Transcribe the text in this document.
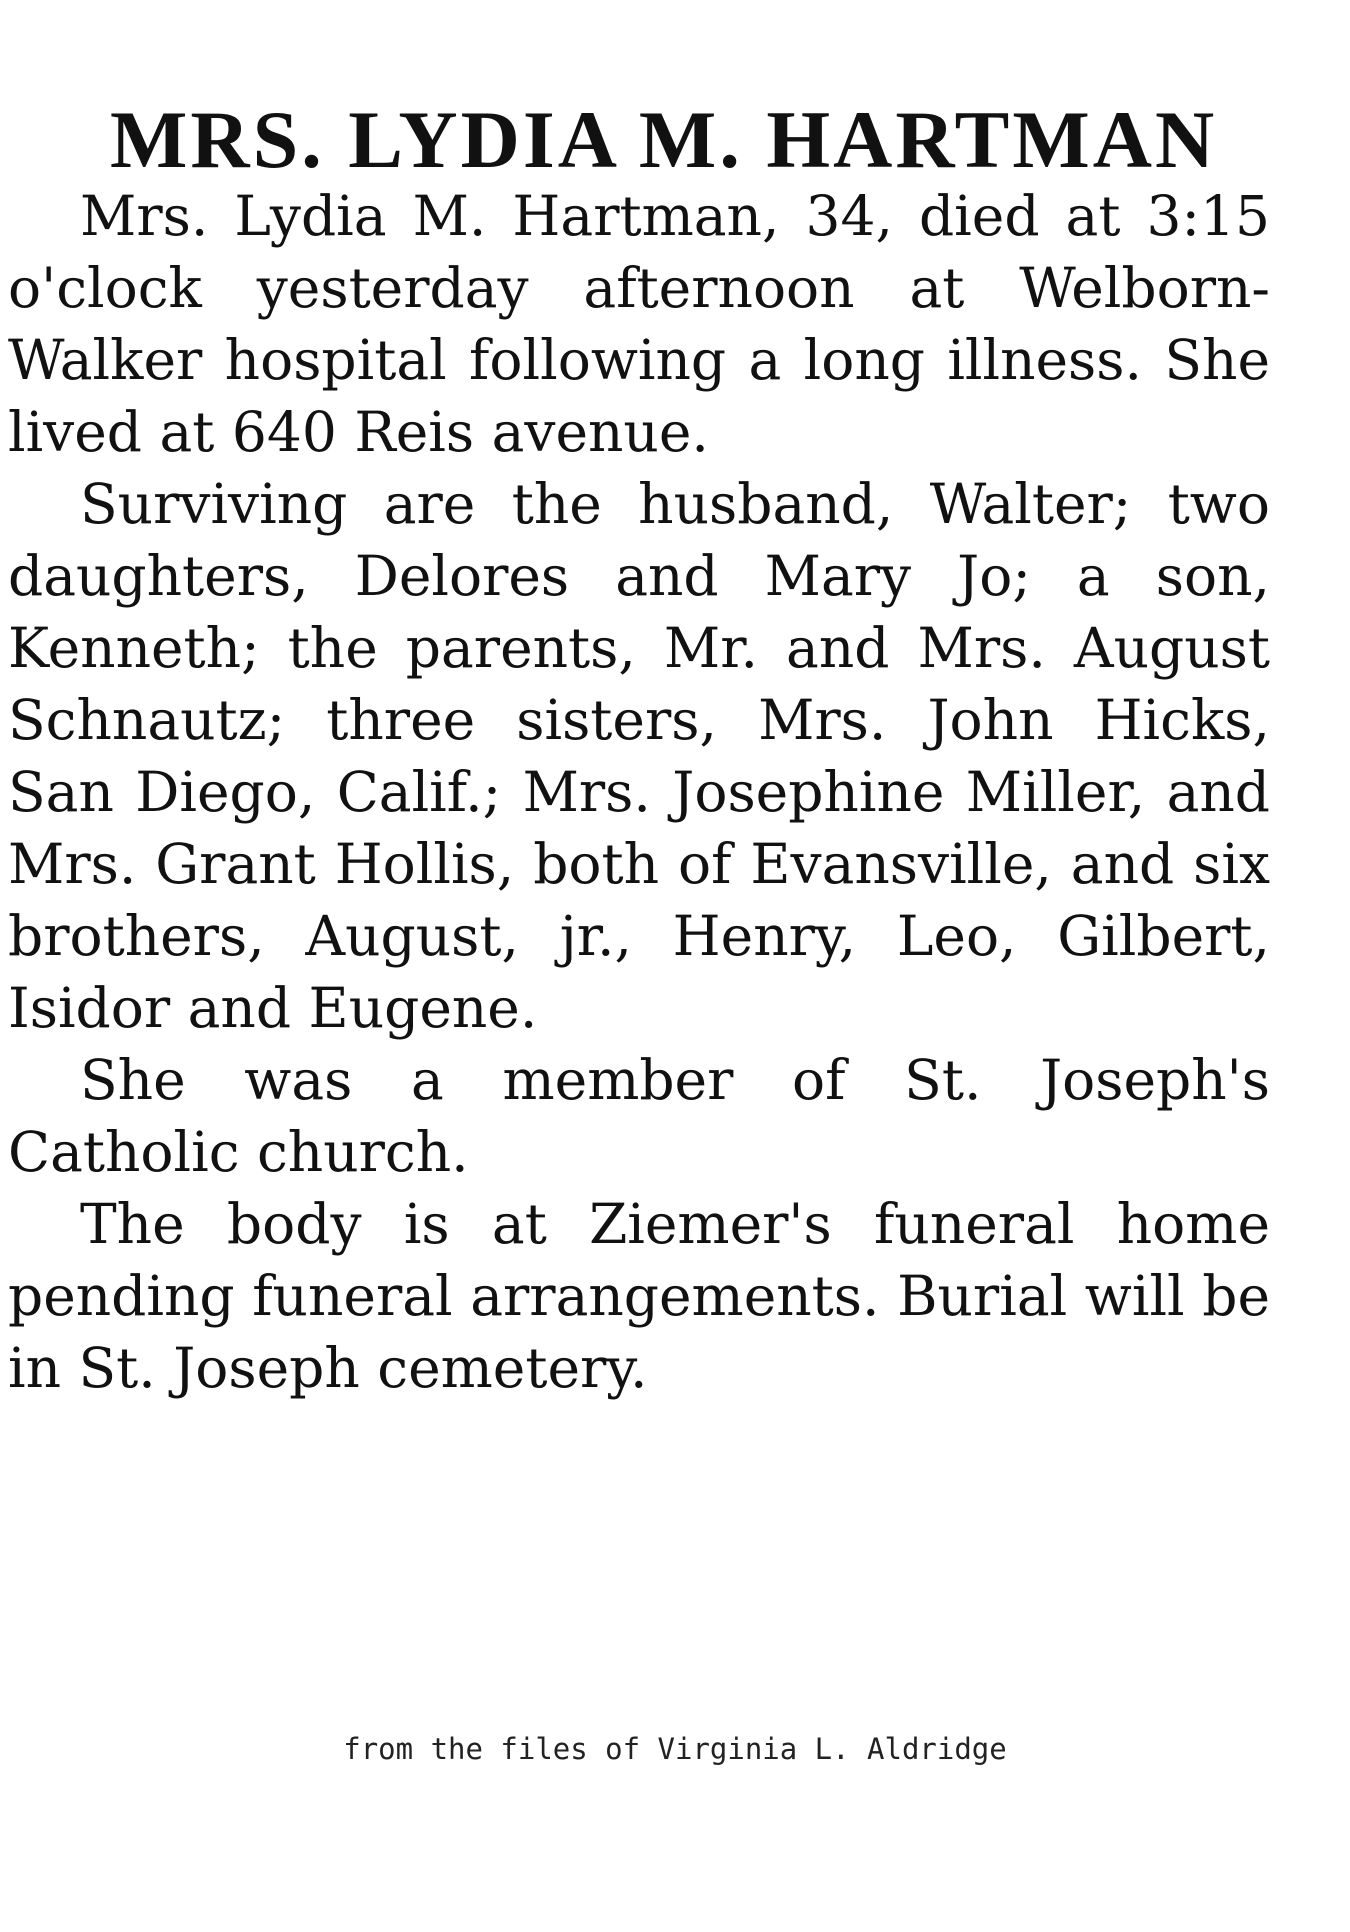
MRS. LYDIA M. HARTMAN

Mrs. Lydia M. Hartman, 34, died at 3:15 o'clock yesterday afternoon at Welborn-Walker hospital following a long illness. She lived at 640 Reis avenue.

Surviving are the husband, Walter; two daughters, Delores and Mary Jo; a son, Kenneth; the parents, Mr. and Mrs. August Schnautz; three sisters, Mrs. John Hicks, San Diego, Calif.; Mrs. Josephine Miller, and Mrs. Grant Hollis, both of Evansville, and six brothers, August, jr., Henry, Leo, Gilbert, Isidor and Eugene.

She was a member of St. Joseph's Catholic church.

The body is at Ziemer's funeral home pending funeral arrangements. Burial will be in St. Joseph cemetery.

from the files of Virginia L. Aldridge
